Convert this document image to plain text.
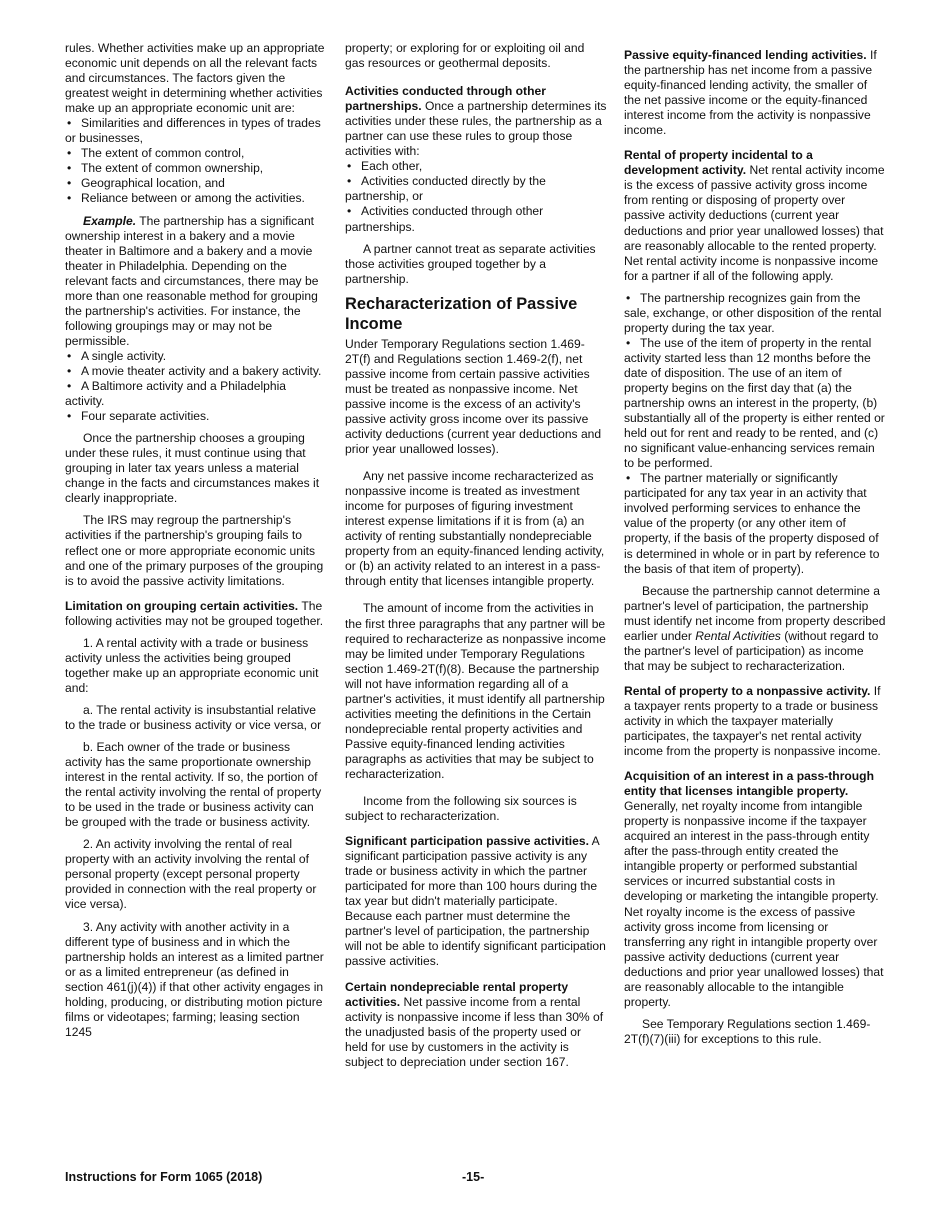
rules. Whether activities make up an appropriate economic unit depends on all the relevant facts and circumstances. The factors given the greatest weight in determining whether activities make up an appropriate economic unit are:

• Similarities and differences in types of trades or businesses,
• The extent of common control,
• The extent of common ownership,
• Geographical location, and
• Reliance between or among the activities.

Example. The partnership has a significant ownership interest in a bakery and a movie theater in Baltimore and a bakery and a movie theater in Philadelphia. Depending on the relevant facts and circumstances, there may be more than one reasonable method for grouping the partnership's activities. For instance, the following groupings may or may not be permissible.

• A single activity.
• A movie theater activity and a bakery activity.
• A Baltimore activity and a Philadelphia activity.
• Four separate activities.

Once the partnership chooses a grouping under these rules, it must continue using that grouping in later tax years unless a material change in the facts and circumstances makes it clearly inappropriate.

The IRS may regroup the partnership's activities if the partnership's grouping fails to reflect one or more appropriate economic units and one of the primary purposes of the grouping is to avoid the passive activity limitations.

Limitation on grouping certain activities. The following activities may not be grouped together.

1. A rental activity with a trade or business activity unless the activities being grouped together make up an appropriate economic unit and:

a. The rental activity is insubstantial relative to the trade or business activity or vice versa, or

b. Each owner of the trade or business activity has the same proportionate ownership interest in the rental activity. If so, the portion of the rental activity involving the rental of property to be used in the trade or business activity can be grouped with the trade or business activity.

2. An activity involving the rental of real property with an activity involving the rental of personal property (except personal property provided in connection with the real property or vice versa).

3. Any activity with another activity in a different type of business and in which the partnership holds an interest as a limited partner or as a limited entrepreneur (as defined in section 461(j)(4)) if that other activity engages in holding, producing, or distributing motion picture films or videotapes; farming; leasing section 1245

property; or exploring for or exploiting oil and gas resources or geothermal deposits.

Activities conducted through other partnerships. Once a partnership determines its activities under these rules, the partnership as a partner can use these rules to group those activities with:

• Each other,
• Activities conducted directly by the partnership, or
• Activities conducted through other partnerships.

A partner cannot treat as separate activities those activities grouped together by a partnership.

Recharacterization of Passive Income

Under Temporary Regulations section 1.469-2T(f) and Regulations section 1.469-2(f), net passive income from certain passive activities must be treated as nonpassive income. Net passive income is the excess of an activity's passive activity gross income over its passive activity deductions (current year deductions and prior year unallowed losses).

Any net passive income recharacterized as nonpassive income is treated as investment income for purposes of figuring investment interest expense limitations if it is from (a) an activity of renting substantially nondepreciable property from an equity-financed lending activity, or (b) an activity related to an interest in a pass-through entity that licenses intangible property.

The amount of income from the activities in the first three paragraphs that any partner will be required to recharacterize as nonpassive income may be limited under Temporary Regulations section 1.469-2T(f)(8). Because the partnership will not have information regarding all of a partner's activities, it must identify all partnership activities meeting the definitions in the Certain nondepreciable rental property activities and Passive equity-financed lending activities paragraphs as activities that may be subject to recharacterization.

Income from the following six sources is subject to recharacterization.

Significant participation passive activities. A significant participation passive activity is any trade or business activity in which the partner participated for more than 100 hours during the tax year but didn't materially participate. Because each partner must determine the partner's level of participation, the partnership will not be able to identify significant participation passive activities.

Certain nondepreciable rental property activities. Net passive income from a rental activity is nonpassive income if less than 30% of the unadjusted basis of the property used or held for use by customers in the activity is subject to depreciation under section 167.

Passive equity-financed lending activities. If the partnership has net income from a passive equity-financed lending activity, the smaller of the net passive income or the equity-financed interest income from the activity is nonpassive income.

Rental of property incidental to a development activity. Net rental activity income is the excess of passive activity gross income from renting or disposing of property over passive activity deductions (current year deductions and prior year unallowed losses) that are reasonably allocable to the rented property. Net rental activity income is nonpassive income for a partner if all of the following apply.

• The partnership recognizes gain from the sale, exchange, or other disposition of the rental property during the tax year.
• The use of the item of property in the rental activity started less than 12 months before the date of disposition. The use of an item of property begins on the first day that (a) the partnership owns an interest in the property, (b) substantially all of the property is either rented or held out for rent and ready to be rented, and (c) no significant value-enhancing services remain to be performed.
• The partner materially or significantly participated for any tax year in an activity that involved performing services to enhance the value of the property (or any other item of property, if the basis of the property disposed of is determined in whole or in part by reference to the basis of that item of property).

Because the partnership cannot determine a partner's level of participation, the partnership must identify net income from property described earlier under Rental Activities (without regard to the partner's level of participation) as income that may be subject to recharacterization.

Rental of property to a nonpassive activity. If a taxpayer rents property to a trade or business activity in which the taxpayer materially participates, the taxpayer's net rental activity income from the property is nonpassive income.

Acquisition of an interest in a pass-through entity that licenses intangible property. Generally, net royalty income from intangible property is nonpassive income if the taxpayer acquired an interest in the pass-through entity after the pass-through entity created the intangible property or performed substantial services or incurred substantial costs in developing or marketing the intangible property. Net royalty income is the excess of passive activity gross income from licensing or transferring any right in intangible property over passive activity deductions (current year deductions and prior year unallowed losses) that are reasonably allocable to the intangible property.

See Temporary Regulations section 1.469-2T(f)(7)(iii) for exceptions to this rule.

Instructions for Form 1065 (2018)	-15-
